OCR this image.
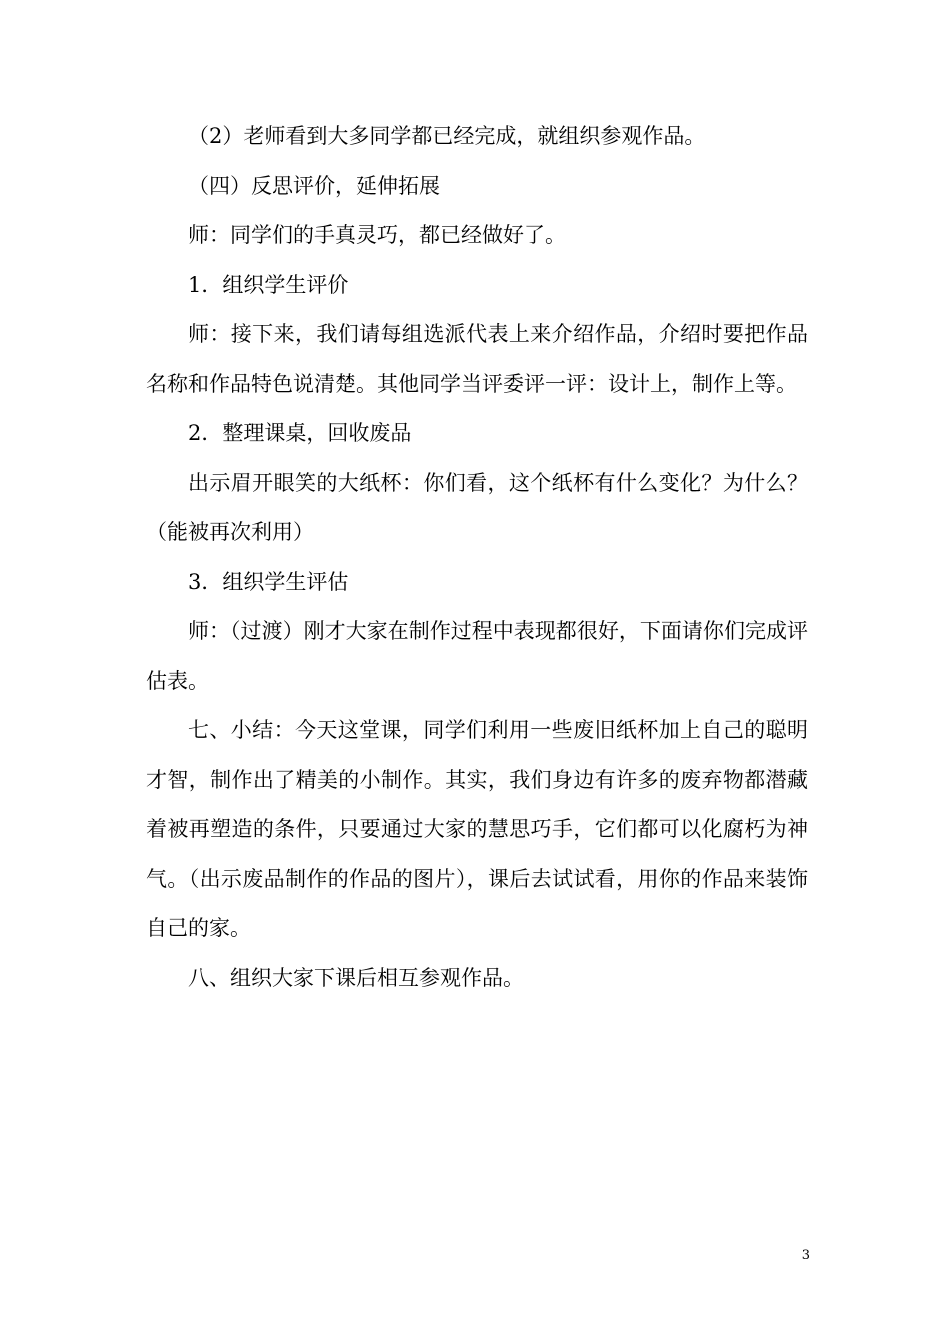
（2）老师看到大多同学都已经完成，就组织参观作品。

（四）反思评价，延伸拓展

师：同学们的手真灵巧，都已经做好了。

1．组织学生评价

师：接下来，我们请每组选派代表上来介绍作品，介绍时要把作品名称和作品特色说清楚。其他同学当评委评一评：设计上，制作上等。

2．整理课桌，回收废品

出示眉开眼笑的大纸杯：你们看，这个纸杯有什么变化？为什么？（能被再次利用）

3．组织学生评估

师：（过渡）刚才大家在制作过程中表现都很好，下面请你们完成评估表。

七、小结：今天这堂课，同学们利用一些废旧纸杯加上自己的聪明才智，制作出了精美的小制作。其实，我们身边有许多的废弃物都潜藏着被再塑造的条件，只要通过大家的慧思巧手，它们都可以化腐朽为神气。（出示废品制作的作品的图片），课后去试试看，用你的作品来装饰自己的家。

八、组织大家下课后相互参观作品。

3
